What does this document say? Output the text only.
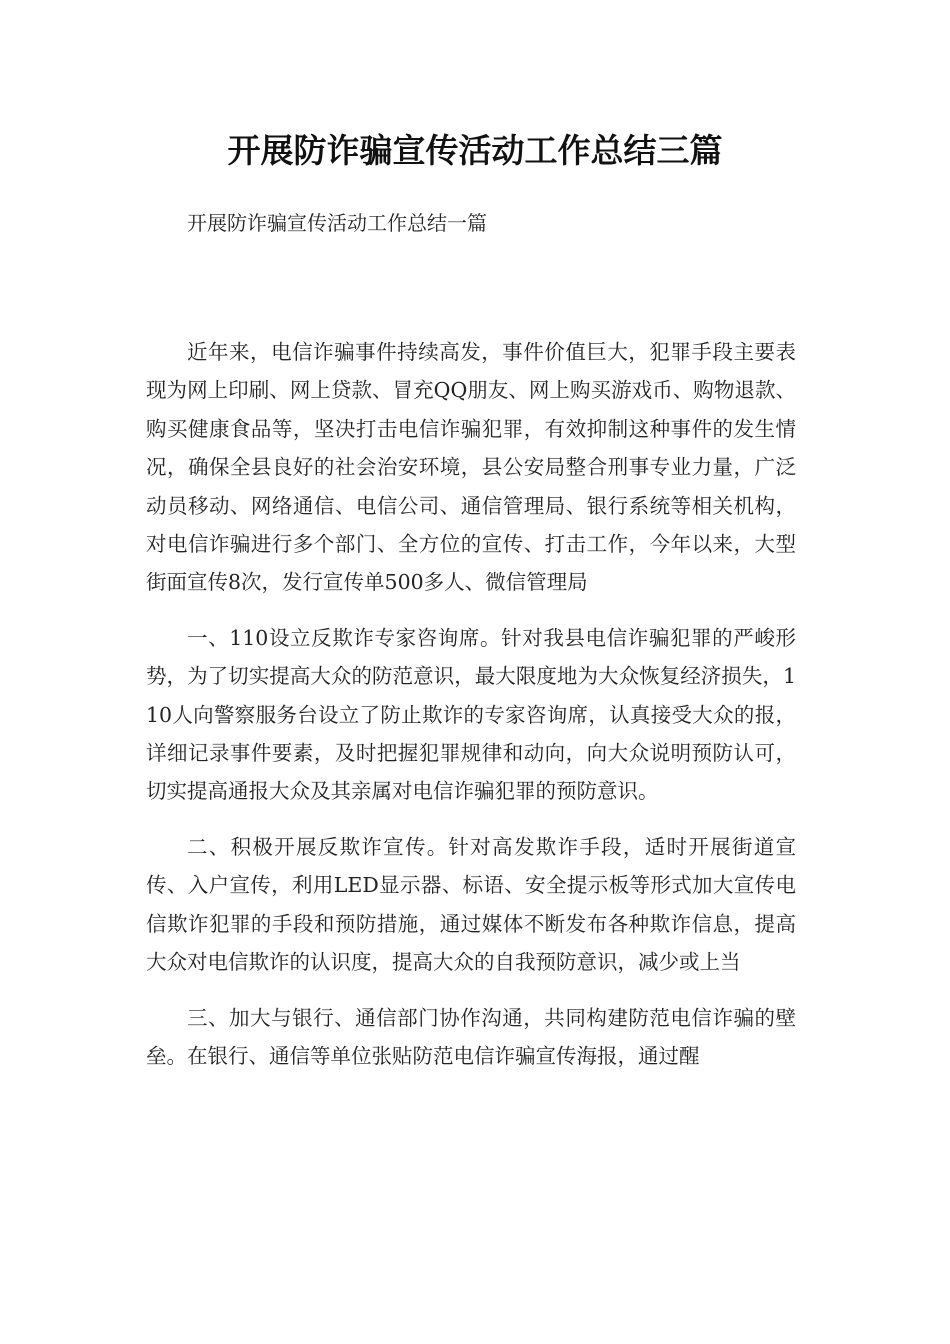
开展防诈骗宣传活动工作总结三篇

开展防诈骗宣传活动工作总结一篇

近年来，电信诈骗事件持续高发，事件价值巨大，犯罪手段主要表现为网上印刷、网上贷款、冒充QQ朋友、网上购买游戏币、购物退款、购买健康食品等，坚决打击电信诈骗犯罪，有效抑制这种事件的发生情况，确保全县良好的社会治安环境，县公安局整合刑事专业力量，广泛动员移动、网络通信、电信公司、通信管理局、银行系统等相关机构，对电信诈骗进行多个部门、全方位的宣传、打击工作，今年以来，大型街面宣传8次，发行宣传单500多人、微信管理局

一、110设立反欺诈专家咨询席。针对我县电信诈骗犯罪的严峻形势，为了切实提高大众的防范意识，最大限度地为大众恢复经济损失，110人向警察服务台设立了防止欺诈的专家咨询席，认真接受大众的报，详细记录事件要素，及时把握犯罪规律和动向，向大众说明预防认可，切实提高通报大众及其亲属对电信诈骗犯罪的预防意识。

二、积极开展反欺诈宣传。针对高发欺诈手段，适时开展街道宣传、入户宣传，利用LED显示器、标语、安全提示板等形式加大宣传电信欺诈犯罪的手段和预防措施，通过媒体不断发布各种欺诈信息，提高大众对电信欺诈的认识度，提高大众的自我预防意识，减少或上当

三、加大与银行、通信部门协作沟通，共同构建防范电信诈骗的壁垒。在银行、通信等单位张贴防范电信诈骗宣传海报，通过醒
